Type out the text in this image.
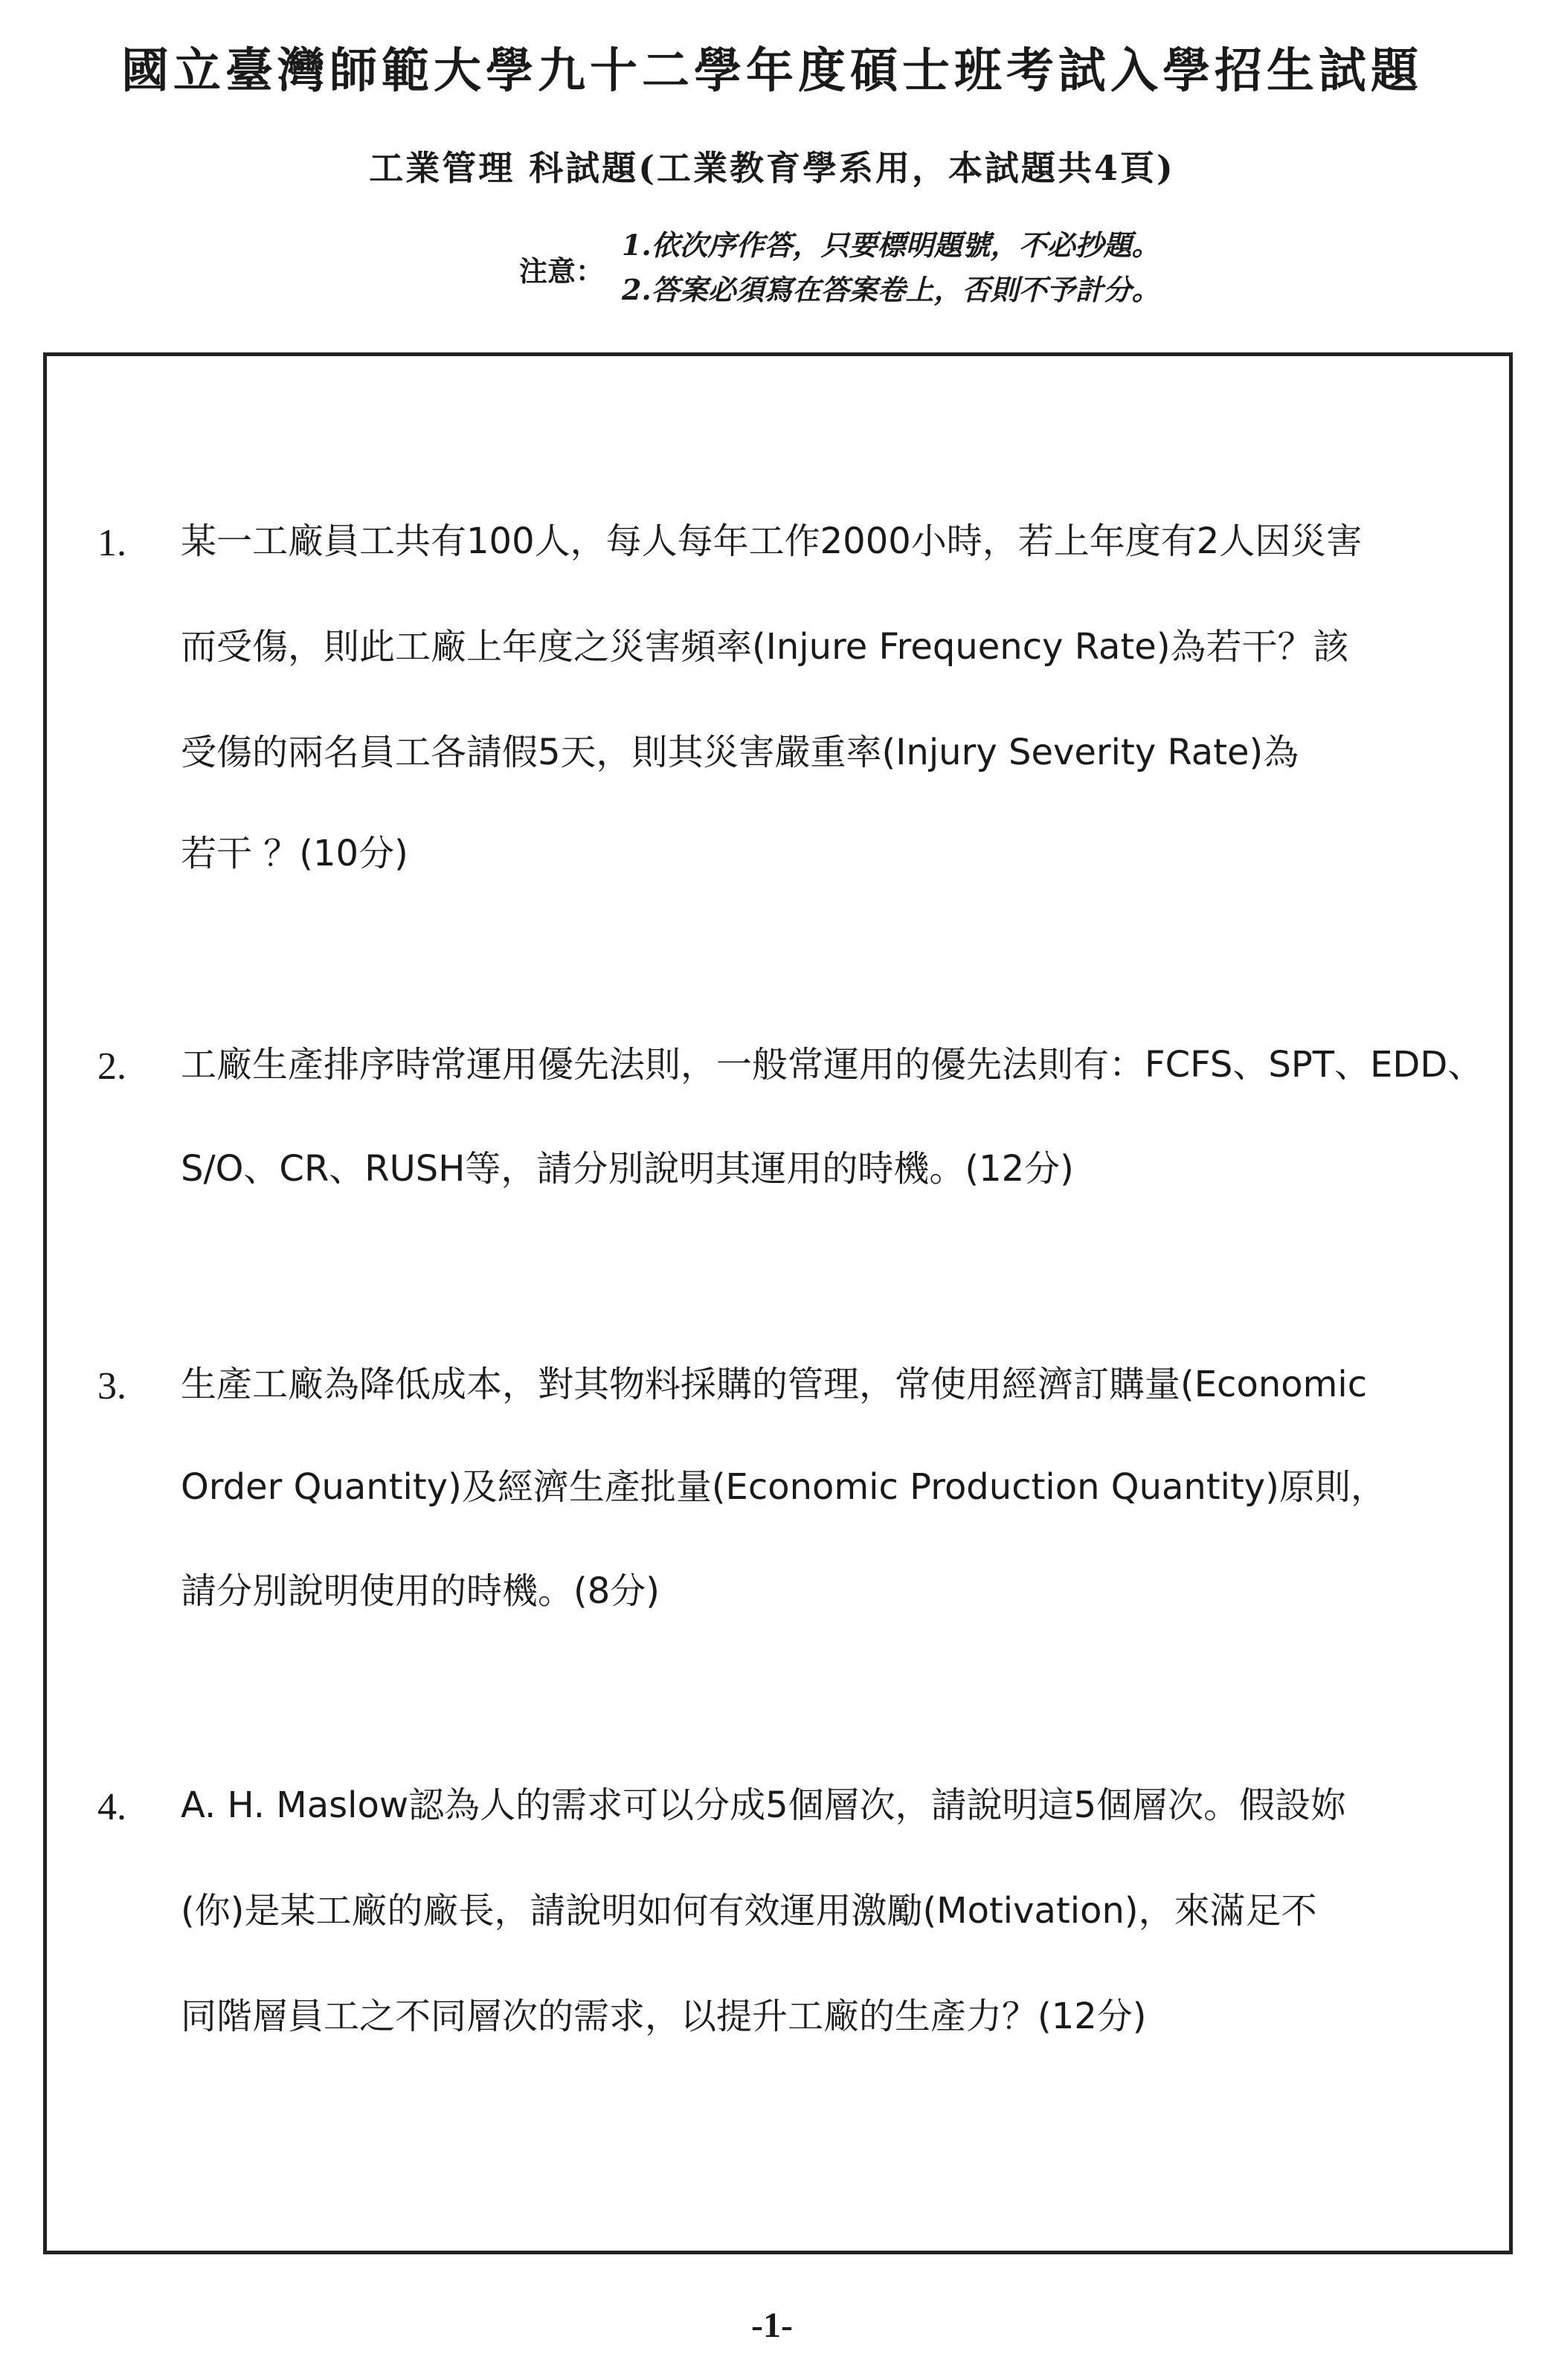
國立臺灣師範大學九十二學年度碩士班考試入學招生試題
工業管理 科試題(工業教育學系用，本試題共4頁)
注意：
1.依次序作答，只要標明題號，不必抄題。
2.答案必須寫在答案卷上，否則不予計分。
1. 某一工廠員工共有100人，每人每年工作2000小時，若上年度有2人因災害
而受傷，則此工廠上年度之災害頻率(Injure Frequency Rate)為若干？該
受傷的兩名員工各請假5天，則其災害嚴重率(Injury Severity Rate)為
若干 ？(10分)
2. 工廠生產排序時常運用優先法則，一般常運用的優先法則有：FCFS、SPT、EDD、
S/O、CR、RUSH等，請分別說明其運用的時機。(12分)
3. 生產工廠為降低成本，對其物料採購的管理，常使用經濟訂購量(Economic
Order Quantity)及經濟生產批量(Economic Production Quantity)原則，
請分別說明使用的時機。(8分)
4. A. H. Maslow認為人的需求可以分成5個層次，請說明這5個層次。假設妳
(你)是某工廠的廠長，請說明如何有效運用激勵(Motivation)，來滿足不
同階層員工之不同層次的需求，以提升工廠的生產力？(12分)
-1-
